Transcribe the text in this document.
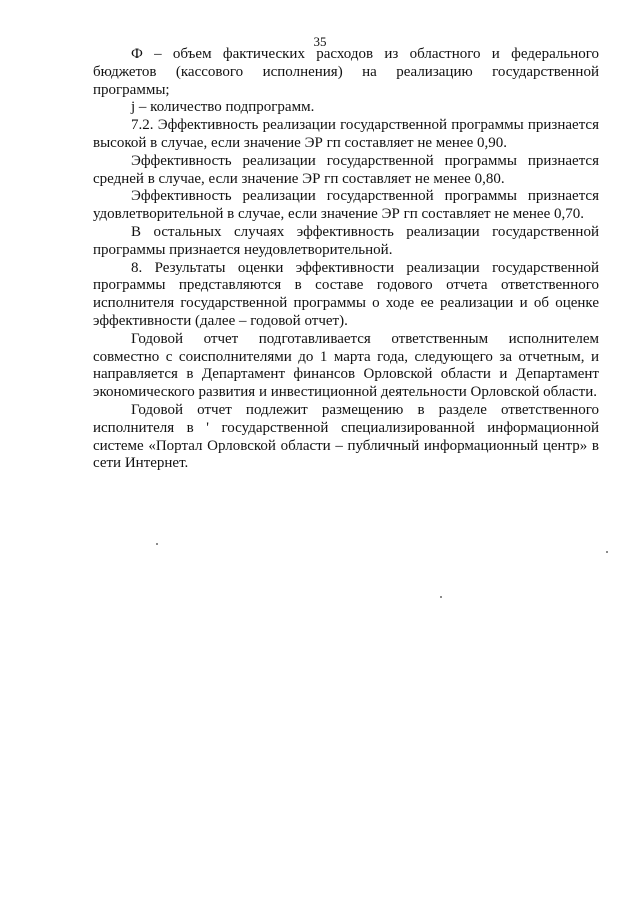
35

Ф – объем фактических расходов из областного и федерального бюджетов (кассового исполнения) на реализацию государственной программы;

j – количество подпрограмм.

7.2. Эффективность реализации государственной программы признается высокой в случае, если значение ЭР гп составляет не менее 0,90.

Эффективность реализации государственной программы признается средней в случае, если значение ЭР гп составляет не менее 0,80.

Эффективность реализации государственной программы признается удовлетворительной в случае, если значение ЭР гп составляет не менее 0,70.

В остальных случаях эффективность реализации государственной программы признается неудовлетворительной.

8. Результаты оценки эффективности реализации государственной программы представляются в составе годового отчета ответственного исполнителя государственной программы о ходе ее реализации и об оценке эффективности (далее – годовой отчет).

Годовой отчет подготавливается ответственным исполнителем совместно с соисполнителями до 1 марта года, следующего за отчетным, и направляется в Департамент финансов Орловской области и Департамент экономического развития и инвестиционной деятельности Орловской области.

Годовой отчет подлежит размещению в разделе ответственного исполнителя в ' государственной специализированной информационной системе «Портал Орловской области – публичный информационный центр» в сети Интернет.
